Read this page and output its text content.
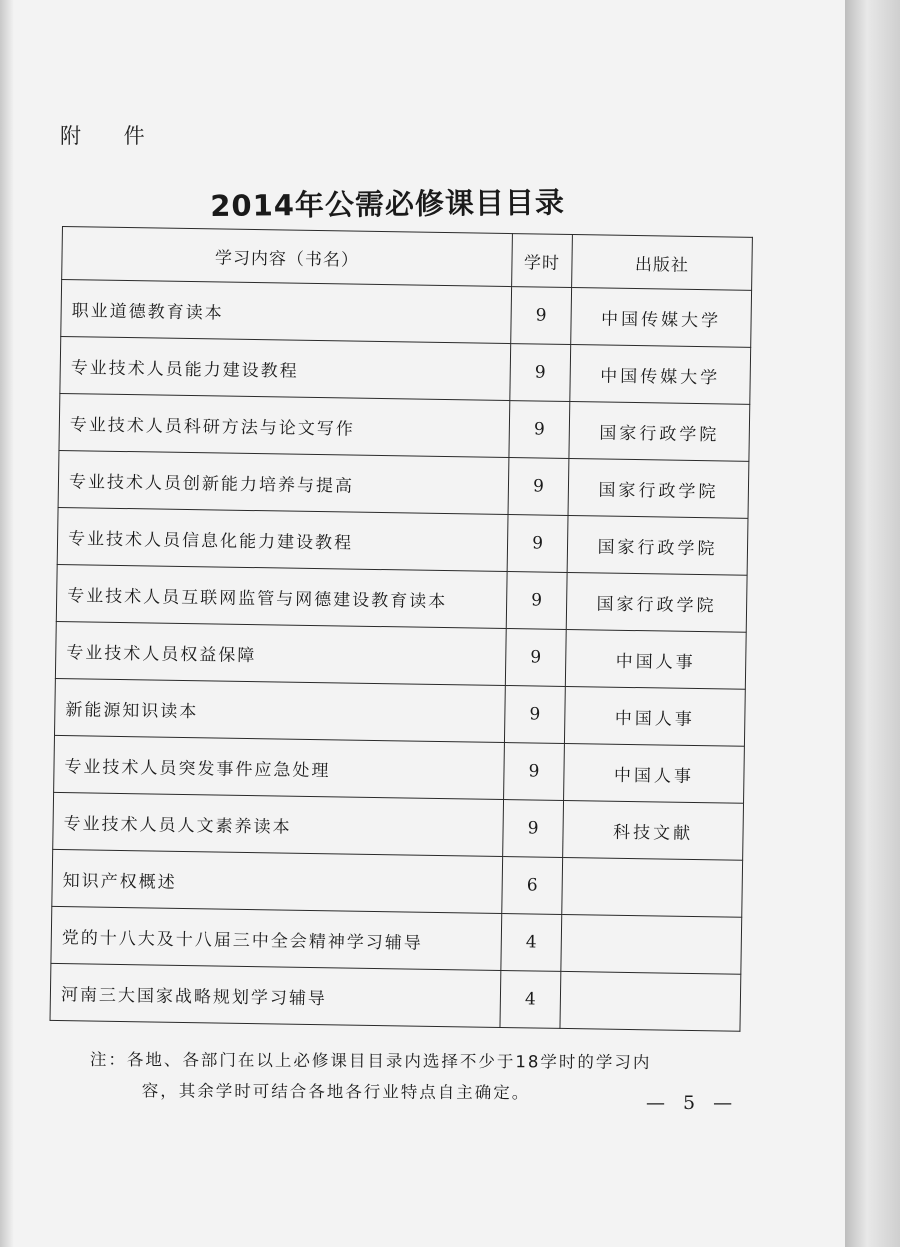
附 件
2014年公需必修课目目录
学习内容（书名）	学时	出版社
职业道德教育读本	9	中国传媒大学
专业技术人员能力建设教程	9	中国传媒大学
专业技术人员科研方法与论文写作	9	国家行政学院
专业技术人员创新能力培养与提高	9	国家行政学院
专业技术人员信息化能力建设教程	9	国家行政学院
专业技术人员互联网监管与网德建设教育读本	9	国家行政学院
专业技术人员权益保障	9	中国人事
新能源知识读本	9	中国人事
专业技术人员突发事件应急处理	9	中国人事
专业技术人员人文素养读本	9	科技文献
知识产权概述	6	
党的十八大及十八届三中全会精神学习辅导	4	
河南三大国家战略规划学习辅导	4	
注：各地、各部门在以上必修课目目录内选择不少于18学时的学习内
容，其余学时可结合各地各行业特点自主确定。
— 5 —
